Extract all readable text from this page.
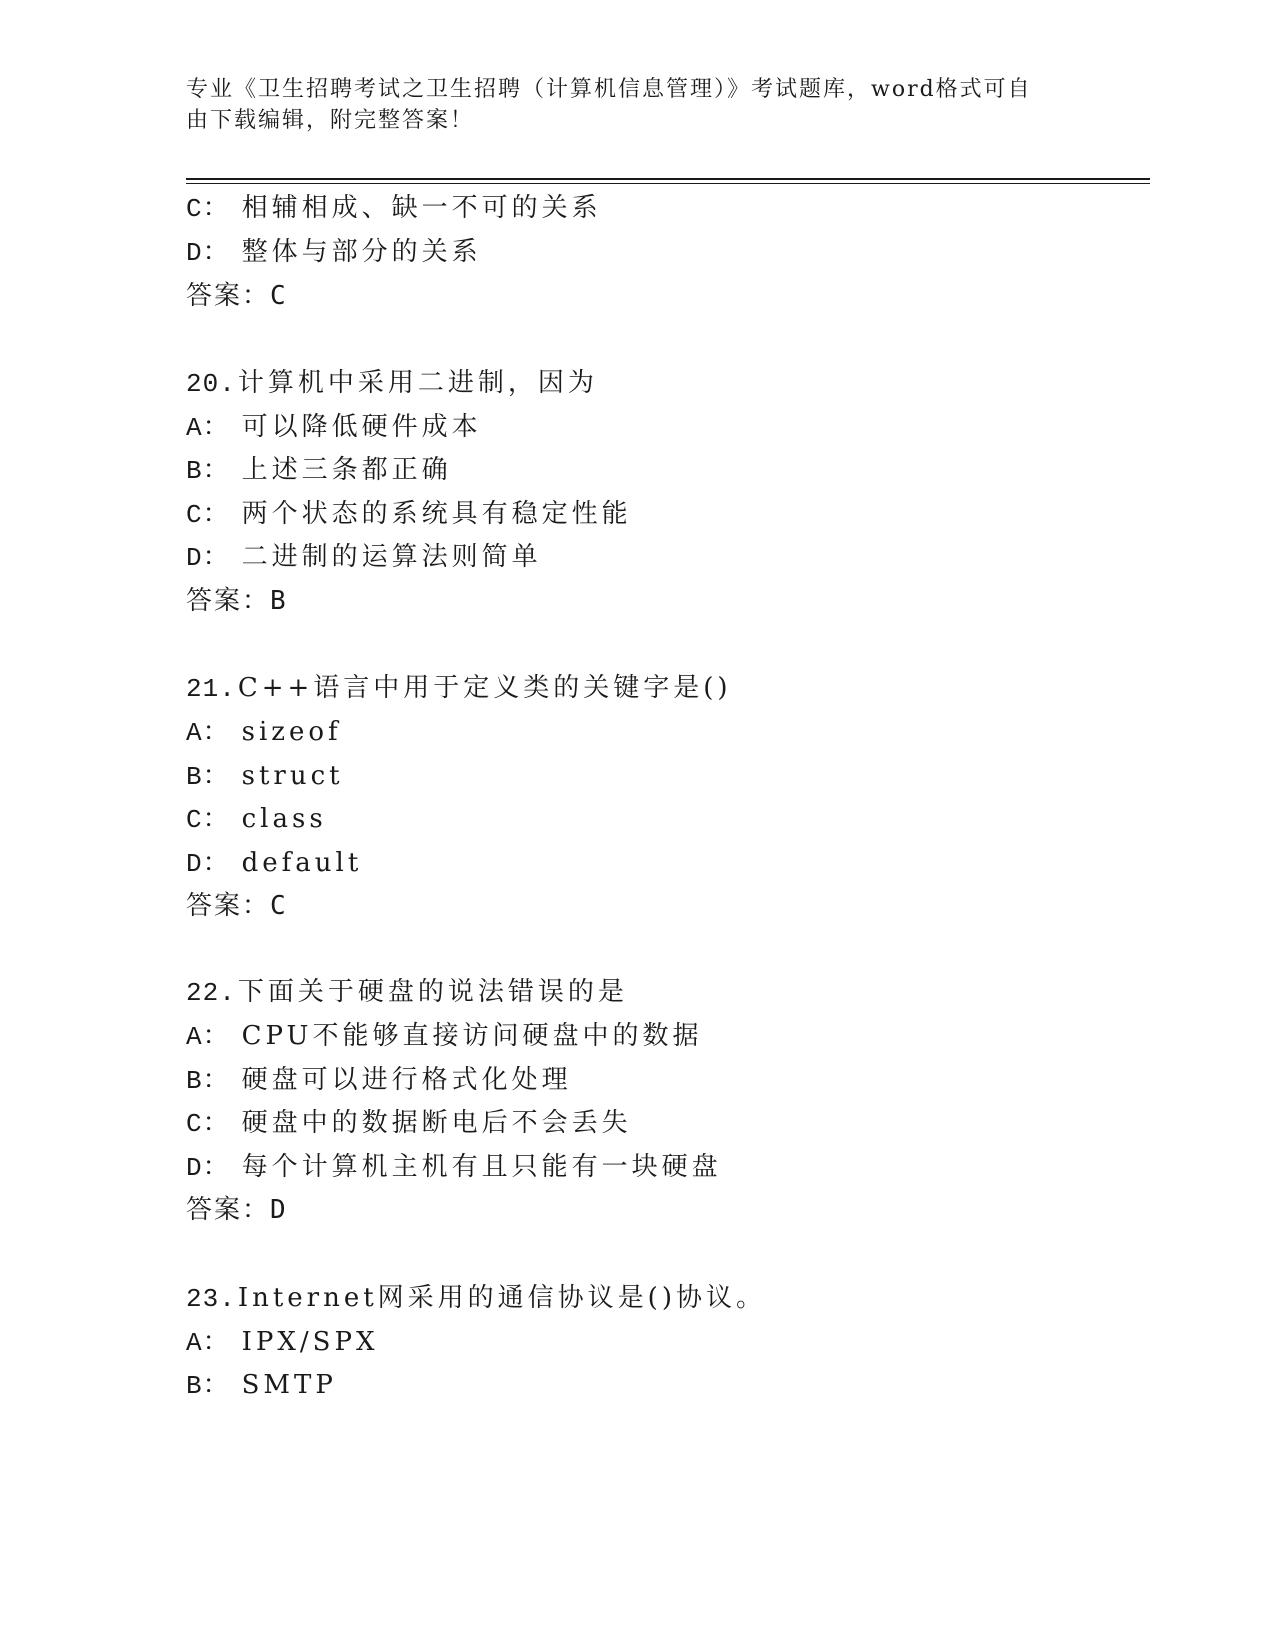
专业《卫生招聘考试之卫生招聘（计算机信息管理）》考试题库，word格式可自
由下载编辑，附完整答案！
C： 相辅相成、缺一不可的关系
D： 整体与部分的关系
答案：C
20.计算机中采用二进制，因为
A： 可以降低硬件成本
B： 上述三条都正确
C： 两个状态的系统具有稳定性能
D： 二进制的运算法则简单
答案：B
21.C++语言中用于定义类的关键字是()
A： sizeof
B： struct
C： class
D： default
答案：C
22.下面关于硬盘的说法错误的是
A： CPU不能够直接访问硬盘中的数据
B： 硬盘可以进行格式化处理
C： 硬盘中的数据断电后不会丢失
D： 每个计算机主机有且只能有一块硬盘
答案：D
23.Internet网采用的通信协议是()协议。
A： IPX/SPX
B： SMTP
